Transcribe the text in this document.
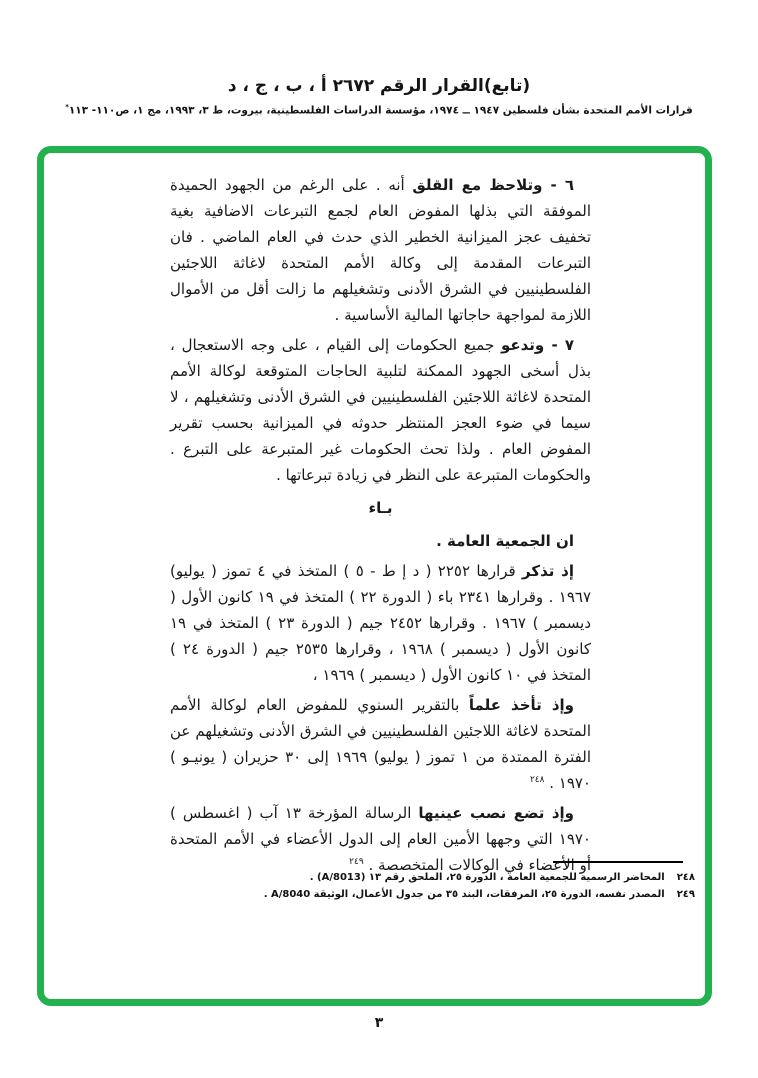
(تابع)القرار الرقم ٢٦٧٢ أ ، ب ، ج ، د
قرارات الأمم المتحدة بشأن فلسطين ١٩٤٧ ــ ١٩٧٤، مؤسسة الدراسات الفلسطينية، بيروت، ط ٣، ١٩٩٣، مج ١، ص١١٠- ١١٣*

٦ - وتلاحظ مع القلق أنه . على الرغم من الجهود الحميدة الموفقة التي بذلها المفوض العام لجمع التبرعات الاضافية بغية تخفيف عجز الميزانية الخطير الذي حدث في العام الماضي . فان التبرعات المقدمة إلى وكالة الأمم المتحدة لاغاثة اللاجئين الفلسطينيين في الشرق الأدنى وتشغيلهم ما زالت أقل من الأموال اللازمة لمواجهة حاجاتها المالية الأساسية .

٧ - وتدعو جميع الحكومات إلى القيام ، على وجه الاستعجال ، بذل أسخى الجهود الممكنة لتلبية الحاجات المتوقعة لوكالة الأمم المتحدة لاغاثة اللاجئين الفلسطينيين في الشرق الأدنى وتشغيلهم ، لا سيما في ضوء العجز المنتظر حدوثه في الميزانية بحسب تقرير المفوض العام . ولذا تحث الحكومات غير المتبرعة على التبرع . والحكومات المتبرعة على النظر في زيادة تبرعاتها .

بـاء
ان الجمعية العامة .

إذ تذكر قرارها ٢٢٥٢ ( د إ ط - ٥ ) المتخذ في ٤ تموز ( يوليو) ١٩٦٧ . وقرارها ٢٣٤١ باء ( الدورة ٢٢ ) المتخذ في ١٩ كانون الأول ( ديسمبر ) ١٩٦٧ . وقرارها ٢٤٥٢ جيم ( الدورة ٢٣ ) المتخذ في ١٩ كانون الأول ( ديسمبر ) ١٩٦٨ ، وقرارها ٢٥٣٥ جيم ( الدورة ٢٤ ) المتخذ في ١٠ كانون الأول ( ديسمبر ) ١٩٦٩ ،

وإذ تأخذ علماً بالتقرير السنوي للمفوض العام لوكالة الأمم المتحدة لاغاثة اللاجئين الفلسطينيين في الشرق الأدنى وتشغيلهم عن الفترة الممتدة من ١ تموز ( يوليو) ١٩٦٩ إلى ٣٠ حزيران ( يونيـو ) ١٩٧٠ . $^{٢٤٨}$

وإذ تضع نصب عينيها الرسالة المؤرخة ١٣ آب ( اغسطس ) ١٩٧٠ التي وجهها الأمين العام إلى الدول الأعضاء في الأمم المتحدة أو الأعضاء في الوكالات المتخصصة . $^{٢٤٩}$

٢٤٨المحاضر الرسمية للجمعية العامة ، الدورة ٢٥، الملحق رقم ١٣ (A/8013) .
٢٤٩المصدر نفسه، الدورة ٢٥، المرفقات، البند ٣٥ من جدول الأعمال، الوثيقة A/8040 .
٣
